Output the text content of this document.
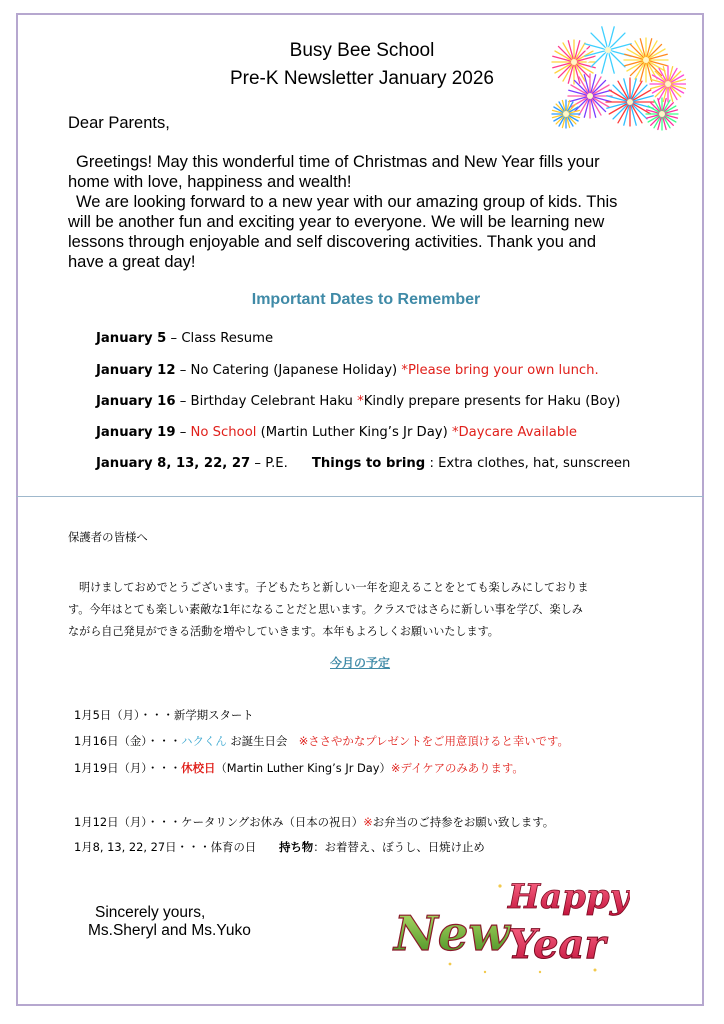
Busy Bee School
Pre-K Newsletter January 2026
Dear Parents,
Greetings! May this wonderful time of Christmas and New Year fills your home with love, happiness and wealth!
We are looking forward to a new year with our amazing group of kids. This will be another fun and exciting year to everyone. We will be learning new lessons through enjoyable and self discovering activities. Thank you and have a great day!
Important Dates to Remember
January 5 – Class Resume
January 12 – No Catering (Japanese Holiday) *Please bring your own lunch.
January 16 – Birthday Celebrant Haku *Kindly prepare presents for Haku (Boy)
January 19 – No School (Martin Luther King’s Jr Day) *Daycare Available
January 8, 13, 22, 27 – P.E. Things to bring : Extra clothes, hat, sunscreen
保護者の皆様へ
明けましておめでとうございます。子どもたちと新しい一年を迎えることをとても楽しみにしておりま
す。今年はとても楽しい素敵な1年になることだと思います。クラスではさらに新しい事を学び、楽しみ
ながら自己発見ができる活動を増やしていきます。本年もよろしくお願いいたします。
今月の予定
1月5日（月）・・・新学期スタート
1月16日（金）・・・ハクくん お誕生日会　※ささやかなプレゼントをご用意頂けると幸いです。
1月19日（月）・・・休校日（Martin Luther King’s Jr Day）※デイケアのみあります。
1月12日（月）・・・ケータリングお休み（日本の祝日）※お弁当のご持参をお願い致します。
1月8, 13, 22, 27日・・・体育の日　　持ち物：お着替え、ぼうし、日焼け止め
Sincerely yours,
Ms.Sheryl and Ms.Yuko
Happy
New
Year
